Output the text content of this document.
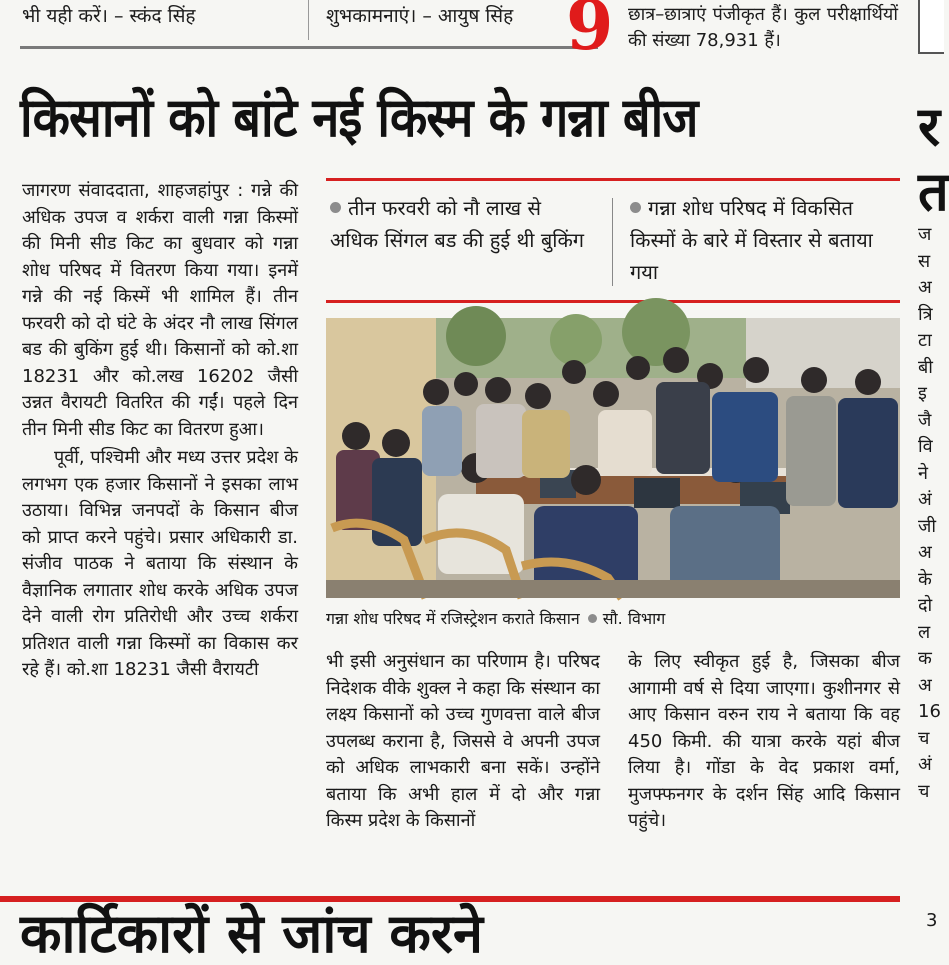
भी यही करें। – स्कंद सिंह	शुभकामनाएं। – आयुष सिंह 9 छात्र–छात्राएं पंजीकृत हैं। कुल परीक्षार्थियों की संख्या 78,931 हैं।
किसानों को बांटे नई किस्म के गन्ना बीज

जागरण संवाददाता, शाहजहांपुर : गन्ने की अधिक उपज व शर्करा वाली गन्ना किस्मों की मिनी सीड किट का बुधवार को गन्ना शोध परिषद में वितरण किया गया। इनमें गन्ने की नई किस्में भी शामिल हैं। तीन फरवरी को दो घंटे के अंदर नौ लाख सिंगल बड की बुकिंग हुई थी। किसानों को को.शा 18231 और को.लख 16202 जैसी उन्नत वैरायटी वितरित की गईं। पहले दिन तीन मिनी सीड किट का वितरण हुआ।

पूर्वी, पश्चिमी और मध्य उत्तर प्रदेश के लगभग एक हजार किसानों ने इसका लाभ उठाया। विभिन्न जनपदों के किसान बीज को प्राप्त करने पहुंचे। प्रसार अधिकारी डा. संजीव पाठक ने बताया कि संस्थान के वैज्ञानिक लगातार शोध करके अधिक उपज देने वाली रोग प्रतिरोधी और उच्च शर्करा प्रतिशत वाली गन्ना किस्मों का विकास कर रहे हैं। को.शा 18231 जैसी वैरायटी

तीन फरवरी को नौ लाख से अधिक सिंगल बड की हुई थी बुकिंग
गन्ना शोध परिषद में विकसित किस्मों के बारे में विस्तार से बताया गया
गन्ना शोध परिषद में रजिस्ट्रेशन कराते किसान सौ. विभाग

भी इसी अनुसंधान का परिणाम है। परिषद निदेशक वीके शुक्ल ने कहा कि संस्थान का लक्ष्य किसानों को उच्च गुणवत्ता वाले बीज उपलब्ध कराना है, जिससे वे अपनी उपज को अधिक लाभकारी बना सकें। उन्होंने बताया कि अभी हाल में दो और गन्ना किस्म प्रदेश के किसानों

के लिए स्वीकृत हुई है, जिसका बीज आगामी वर्ष से दिया जाएगा। कुशीनगर से आए किसान वरुन राय ने बताया कि वह 450 किमी. की यात्रा करके यहां बीज लिया है। गोंडा के वेद प्रकाश वर्मा, मुजफ्फनगर के दर्शन सिंह आदि किसान पहुंचे।

र
त
ज
स
अ
त्रि
टा
बी
इ
जै
वि
ने
अं
जी
अ
के
दो
ल
क
अ
16
च
अं
च
कार्टिकारों से जांच करने	3
